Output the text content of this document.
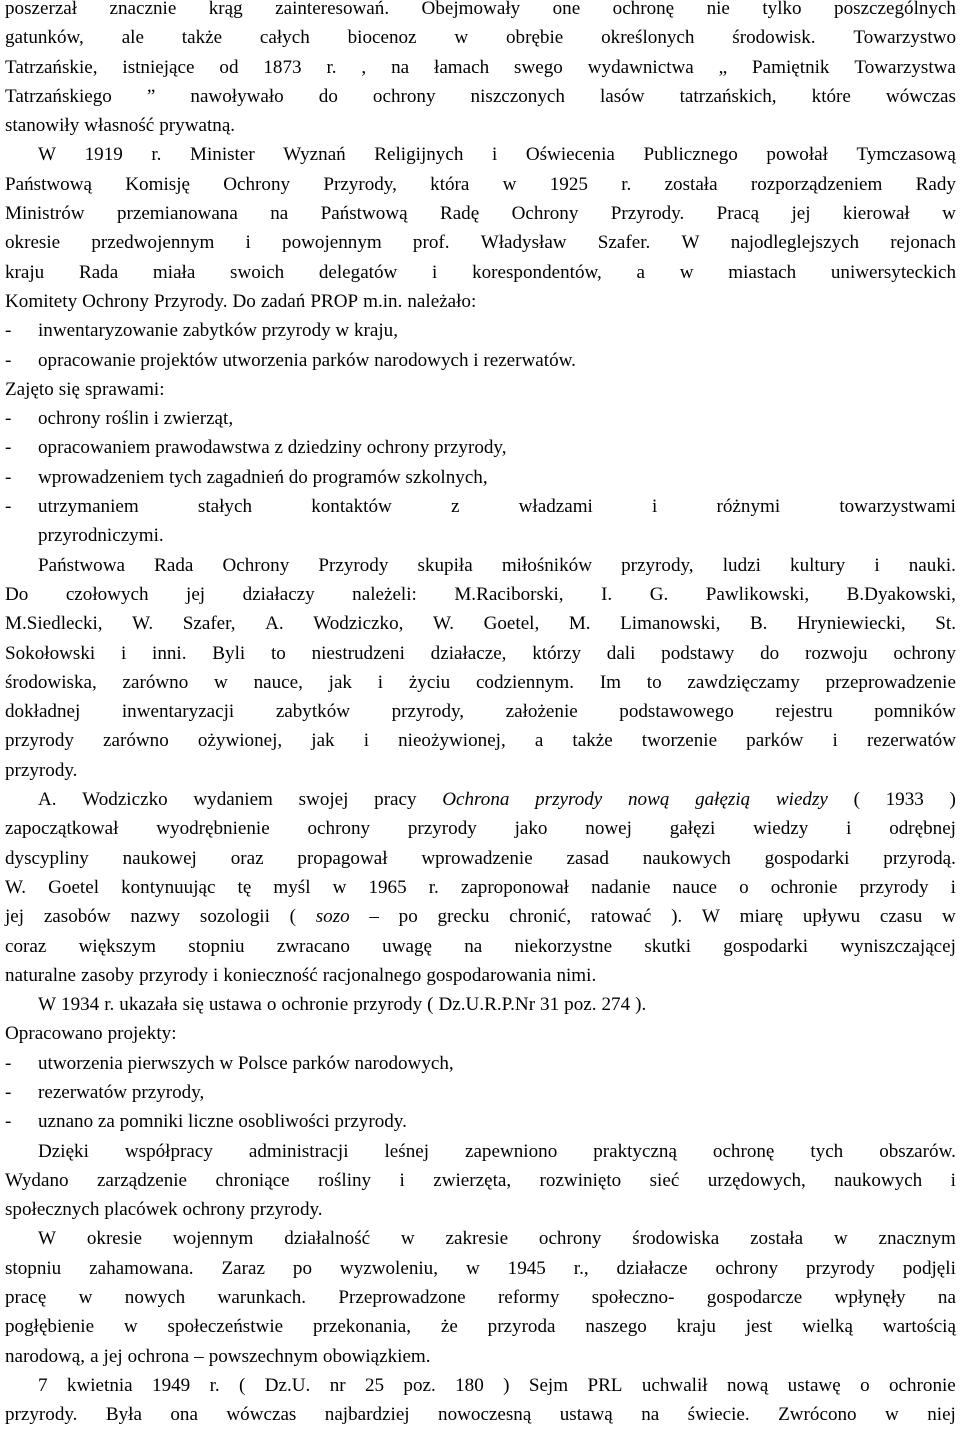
poszerzał znacznie krąg zainteresowań. Obejmowały one ochronę nie tylko poszczególnych
gatunków, ale także całych biocenoz w obrębie określonych środowisk. Towarzystwo
Tatrzańskie, istniejące od 1873 r. , na łamach swego wydawnictwa „ Pamiętnik Towarzystwa
Tatrzańskiego ” nawoływało do ochrony niszczonych lasów tatrzańskich, które wówczas
stanowiły własność prywatną.
W 1919 r. Minister Wyznań Religijnych i Oświecenia Publicznego powołał Tymczasową
Państwową Komisję Ochrony Przyrody, która w 1925 r. została rozporządzeniem Rady
Ministrów przemianowana na Państwową Radę Ochrony Przyrody. Pracą jej kierował w
okresie przedwojennym i powojennym prof. Władysław Szafer. W najodleglejszych rejonach
kraju Rada miała swoich delegatów i korespondentów, a w miastach uniwersyteckich
Komitety Ochrony Przyrody. Do zadań PROP m.in. należało:
-	inwentaryzowanie zabytków przyrody w kraju,
-	opracowanie projektów utworzenia parków narodowych i rezerwatów.
Zajęto się sprawami:
-	ochrony roślin i zwierząt,
-	opracowaniem prawodawstwa z dziedziny ochrony przyrody,
-	wprowadzeniem tych zagadnień do programów szkolnych,
-	utrzymaniem	stałych	kontaktów	z	władzami	i	różnymi	towarzystwami
przyrodniczymi.
Państwowa Rada Ochrony Przyrody skupiła miłośników przyrody, ludzi kultury i nauki.
Do czołowych jej działaczy należeli: M.Raciborski, I. G. Pawlikowski, B.Dyakowski,
M.Siedlecki, W. Szafer, A. Wodziczko, W. Goetel, M. Limanowski, B. Hryniewiecki, St.
Sokołowski i inni. Byli to niestrudzeni działacze, którzy dali podstawy do rozwoju ochrony
środowiska, zarówno w nauce, jak i życiu codziennym. Im to zawdzięczamy przeprowadzenie
dokładnej inwentaryzacji zabytków przyrody, założenie podstawowego rejestru pomników
przyrody zarówno ożywionej, jak i nieożywionej, a także tworzenie parków i rezerwatów
przyrody.
A. Wodziczko wydaniem swojej pracy Ochrona przyrody nową gałęzią wiedzy ( 1933 )
zapoczątkował wyodrębnienie ochrony przyrody jako nowej gałęzi wiedzy i odrębnej
dyscypliny naukowej oraz propagował wprowadzenie zasad naukowych gospodarki przyrodą.
W. Goetel kontynuując tę myśl w 1965 r. zaproponował nadanie nauce o ochronie przyrody i
jej zasobów nazwy sozologii ( sozo – po grecku chronić, ratować ). W miarę upływu czasu w
coraz większym stopniu zwracano uwagę na niekorzystne skutki gospodarki wyniszczającej
naturalne zasoby przyrody i konieczność racjonalnego gospodarowania nimi.
W 1934 r. ukazała się ustawa o ochronie przyrody ( Dz.U.R.P.Nr 31 poz. 274 ).
Opracowano projekty:
-	utworzenia pierwszych w Polsce parków narodowych,
-	rezerwatów przyrody,
-	uznano za pomniki liczne osobliwości przyrody.
Dzięki współpracy administracji leśnej zapewniono praktyczną ochronę tych obszarów.
Wydano zarządzenie chroniące rośliny i zwierzęta, rozwinięto sieć urzędowych, naukowych i
społecznych placówek ochrony przyrody.
W okresie wojennym działalność w zakresie ochrony środowiska została w znacznym
stopniu zahamowana. Zaraz po wyzwoleniu, w 1945 r., działacze ochrony przyrody podjęli
pracę w nowych warunkach. Przeprowadzone reformy społeczno- gospodarcze wpłynęły na
pogłębienie w społeczeństwie przekonania, że przyroda naszego kraju jest wielką wartością
narodową, a jej ochrona – powszechnym obowiązkiem.
7 kwietnia 1949 r. ( Dz.U. nr 25 poz. 180 ) Sejm PRL uchwalił nową ustawę o ochronie
przyrody. Była ona wówczas najbardziej nowoczesną ustawą na świecie. Zwrócono w niej
